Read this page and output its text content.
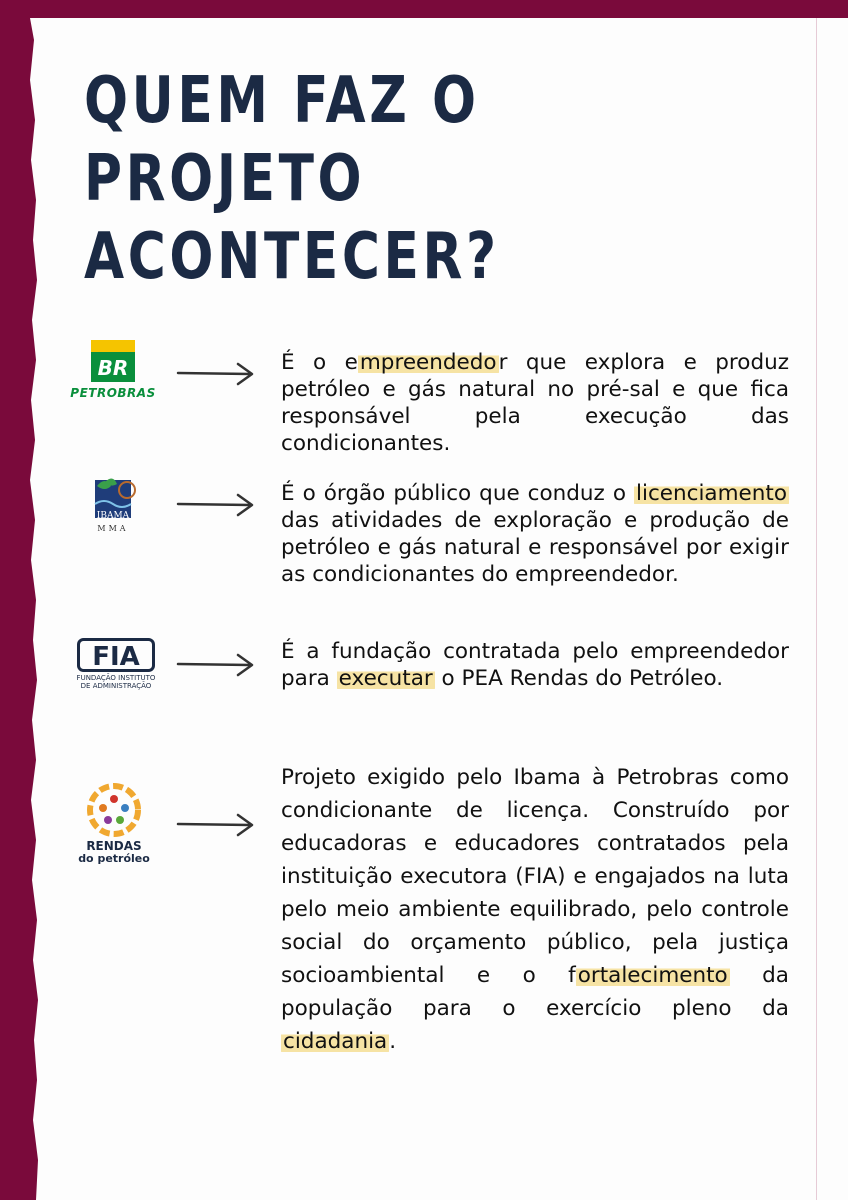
QUEM FAZ O PROJETO ACONTECER?
BR
PETROBRAS

É o empreendedor que explora e produz petróleo e gás natural no pré-sal e que fica responsável pela execução das condicionantes.

IBAMA
MMA

É o órgão público que conduz o licenciamento das atividades de exploração e produção de petróleo e gás natural e responsável por exigir as condicionantes do empreendedor.

FIA
FUNDAÇÃO INSTITUTO
DE ADMINISTRAÇÃO

É a fundação contratada pelo empreendedor para executar o PEA Rendas do Petróleo.

RENDAS
do petróleo

Projeto exigido pelo Ibama à Petrobras como condicionante de licença. Construído por educadoras e educadores contratados pela instituição executora (FIA) e engajados na luta pelo meio ambiente equilibrado, pelo controle social do orçamento público, pela justiça socioambiental e o fortalecimento da população para o exercício pleno da cidadania.
